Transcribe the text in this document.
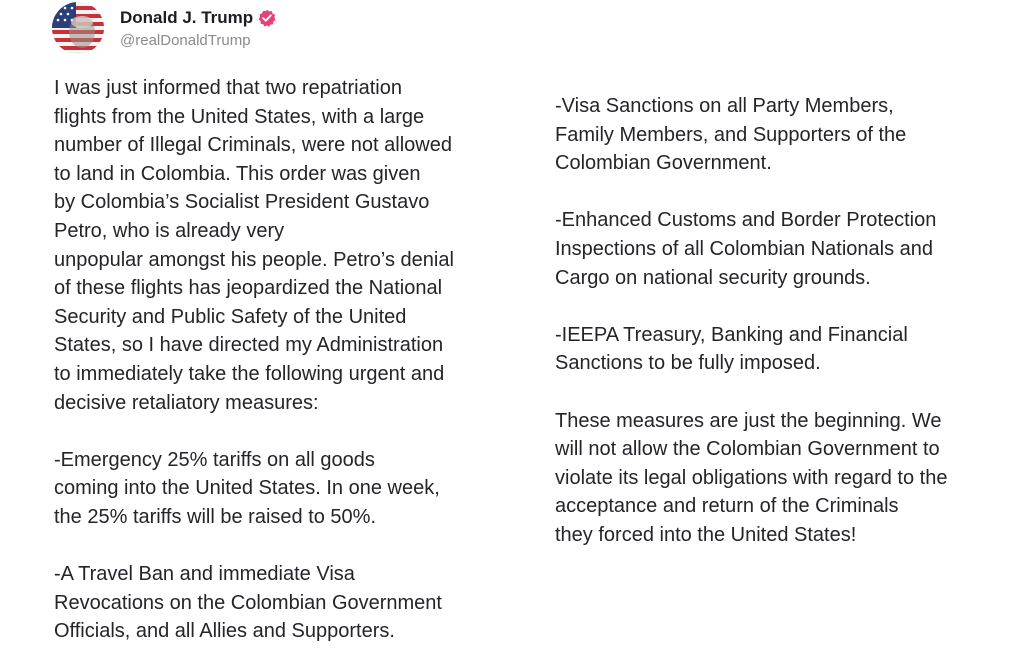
Donald J. Trump
@realDonaldTrump
I was just informed that two repatriation
flights from the United States, with a large
number of Illegal Criminals, were not allowed
to land in Colombia. This order was given
by Colombia’s Socialist President Gustavo
Petro, who is already very
unpopular amongst his people. Petro’s denial
of these flights has jeopardized the National
Security and Public Safety of the United
States, so I have directed my Administration
to immediately take the following urgent and
decisive retaliatory measures:
-Emergency 25% tariffs on all goods
coming into the United States. In one week,
the 25% tariffs will be raised to 50%.
-A Travel Ban and immediate Visa
Revocations on the Colombian Government
Officials, and all Allies and Supporters.
-Visa Sanctions on all Party Members,
Family Members, and Supporters of the
Colombian Government.
-Enhanced Customs and Border Protection
Inspections of all Colombian Nationals and
Cargo on national security grounds.
-IEEPA Treasury, Banking and Financial
Sanctions to be fully imposed.
These measures are just the beginning. We
will not allow the Colombian Government to
violate its legal obligations with regard to the
acceptance and return of the Criminals
they forced into the United States!
